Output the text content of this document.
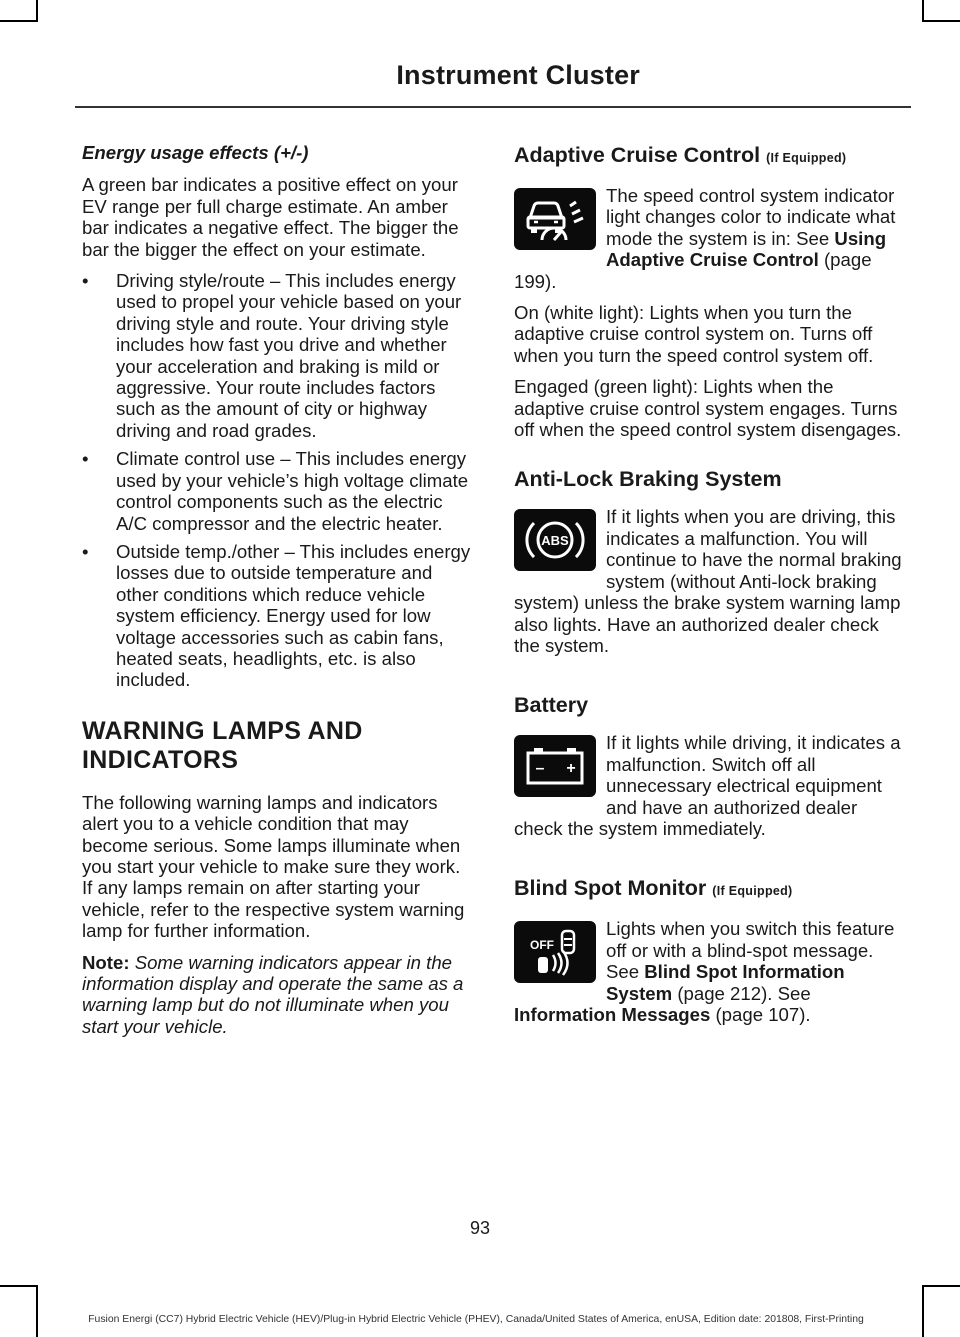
Instrument Cluster
Energy usage effects (+/-)

A green bar indicates a positive effect on your EV range per full charge estimate. An amber bar indicates a negative effect. The bigger the bar the bigger the effect on your estimate.

• Driving style/route – This includes energy used to propel your vehicle based on your driving style and route. Your driving style includes how fast you drive and whether your acceleration and braking is mild or aggressive. Your route includes factors such as the amount of city or highway driving and road grades.
• Climate control use – This includes energy used by your vehicle’s high voltage climate control components such as the electric A/C compressor and the electric heater.
• Outside temp./other – This includes energy losses due to outside temperature and other conditions which reduce vehicle system efficiency. Energy used for low voltage accessories such as cabin fans, heated seats, headlights, etc. is also included.
WARNING LAMPS AND
INDICATORS

The following warning lamps and indicators alert you to a vehicle condition that may become serious. Some lamps illuminate when you start your vehicle to make sure they work. If any lamps remain on after starting your vehicle, refer to the respective system warning lamp for further information.

Note: Some warning indicators appear in the information display and operate the same as a warning lamp but do not illuminate when you start your vehicle.

Adaptive Cruise Control (If Equipped)

The speed control system indicator light changes color to indicate what mode the system is in: See Using Adaptive Cruise Control (page 199).

On (white light): Lights when you turn the adaptive cruise control system on. Turns off when you turn the speed control system off.

Engaged (green light): Lights when the adaptive cruise control system engages. Turns off when the speed control system disengages.

Anti-Lock Braking System
ABS

If it lights when you are driving, this indicates a malfunction. You will continue to have the normal braking system (without Anti-lock braking system) unless the brake system warning lamp also lights. Have an authorized dealer check the system.

Battery
– +

If it lights while driving, it indicates a malfunction. Switch off all unnecessary electrical equipment and have an authorized dealer check the system immediately.

Blind Spot Monitor (If Equipped)
OFF

Lights when you switch this feature off or with a blind-spot message. See Blind Spot Information System (page 212). See Information Messages (page 107).

93
Fusion Energi (CC7) Hybrid Electric Vehicle (HEV)/Plug-in Hybrid Electric Vehicle (PHEV), Canada/United States of America, enUSA, Edition date: 201808, First-Printing
